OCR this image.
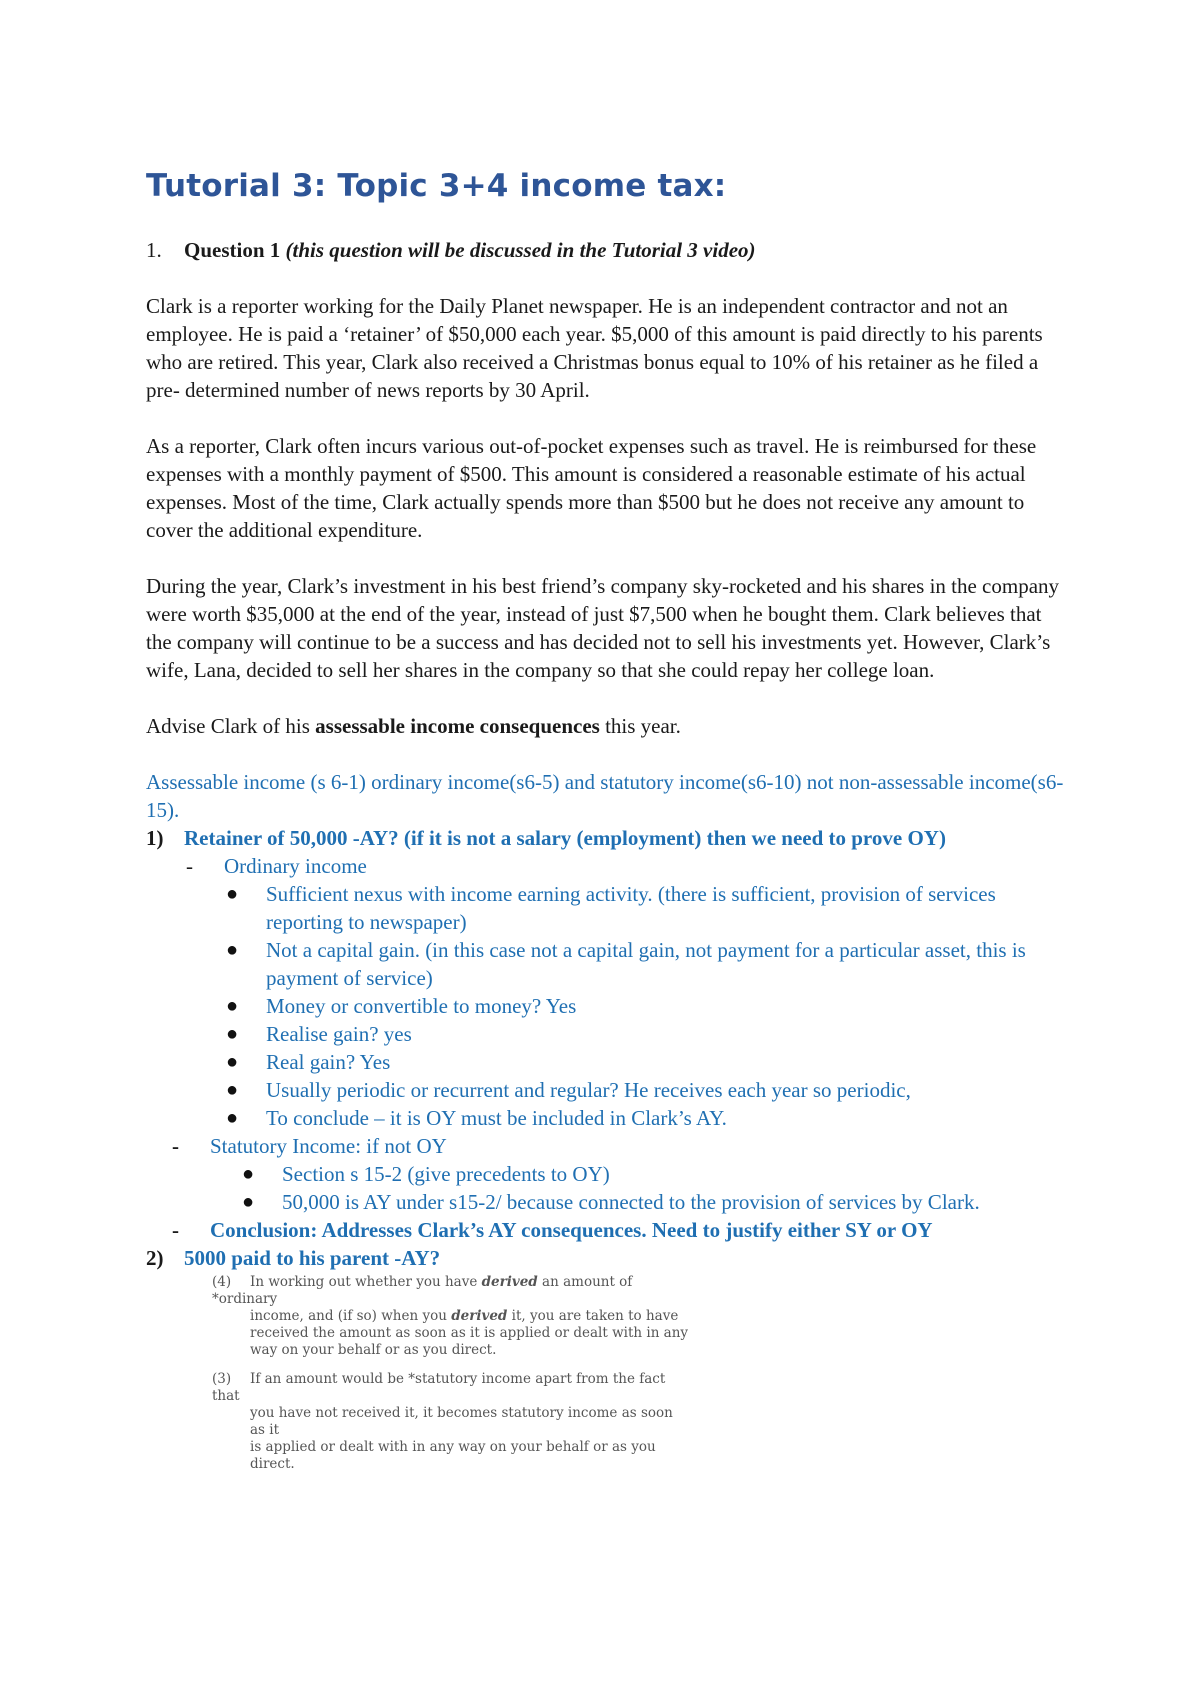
Tutorial 3: Topic 3+4 income tax:
1.	Question 1 (this question will be discussed in the Tutorial 3 video)

Clark is a reporter working for the Daily Planet newspaper. He is an independent contractor and not an employee. He is paid a ‘retainer’ of $50,000 each year. $5,000 of this amount is paid directly to his parents who are retired. This year, Clark also received a Christmas bonus equal to 10% of his retainer as he filed a pre- determined number of news reports by 30 April.

As a reporter, Clark often incurs various out-of-pocket expenses such as travel. He is reimbursed for these expenses with a monthly payment of $500. This amount is considered a reasonable estimate of his actual expenses. Most of the time, Clark actually spends more than $500 but he does not receive any amount to cover the additional expenditure.

During the year, Clark’s investment in his best friend’s company sky-rocketed and his shares in the company were worth $35,000 at the end of the year, instead of just $7,500 when he bought them. Clark believes that the company will continue to be a success and has decided not to sell his investments yet. However, Clark’s wife, Lana, decided to sell her shares in the company so that she could repay her college loan.

Advise Clark of his assessable income consequences this year.

Assessable income (s 6-1) ordinary income(s6-5) and statutory income(s6-10) not non-assessable income(s6-15).

1) Retainer of 50,000 -AY? (if it is not a salary (employment) then we need to prove OY)
-	Ordinary income
●	Sufficient nexus with income earning activity. (there is sufficient, provision of services reporting to newspaper)
●	Not a capital gain. (in this case not a capital gain, not payment for a particular asset, this is payment of service)
●	Money or convertible to money? Yes
●	Realise gain? yes
●	Real gain? Yes
●	Usually periodic or recurrent and regular? He receives each year so periodic,
●	To conclude – it is OY must be included in Clark’s AY.
-	Statutory Income: if not OY
●	Section s 15-2 (give precedents to OY)
●	50,000 is AY under s15-2/ because connected to the provision of services by Clark.
-	Conclusion: Addresses Clark’s AY consequences. Need to justify either SY or OY
2) 5000 paid to his parent -AY?
(4) In working out whether you have derived an amount of *ordinary
income, and (if so) when you derived it, you are taken to have
received the amount as soon as it is applied or dealt with in any
way on your behalf or as you direct.
(3) If an amount would be *statutory income apart from the fact that
you have not received it, it becomes statutory income as soon as it
is applied or dealt with in any way on your behalf or as you direct.
